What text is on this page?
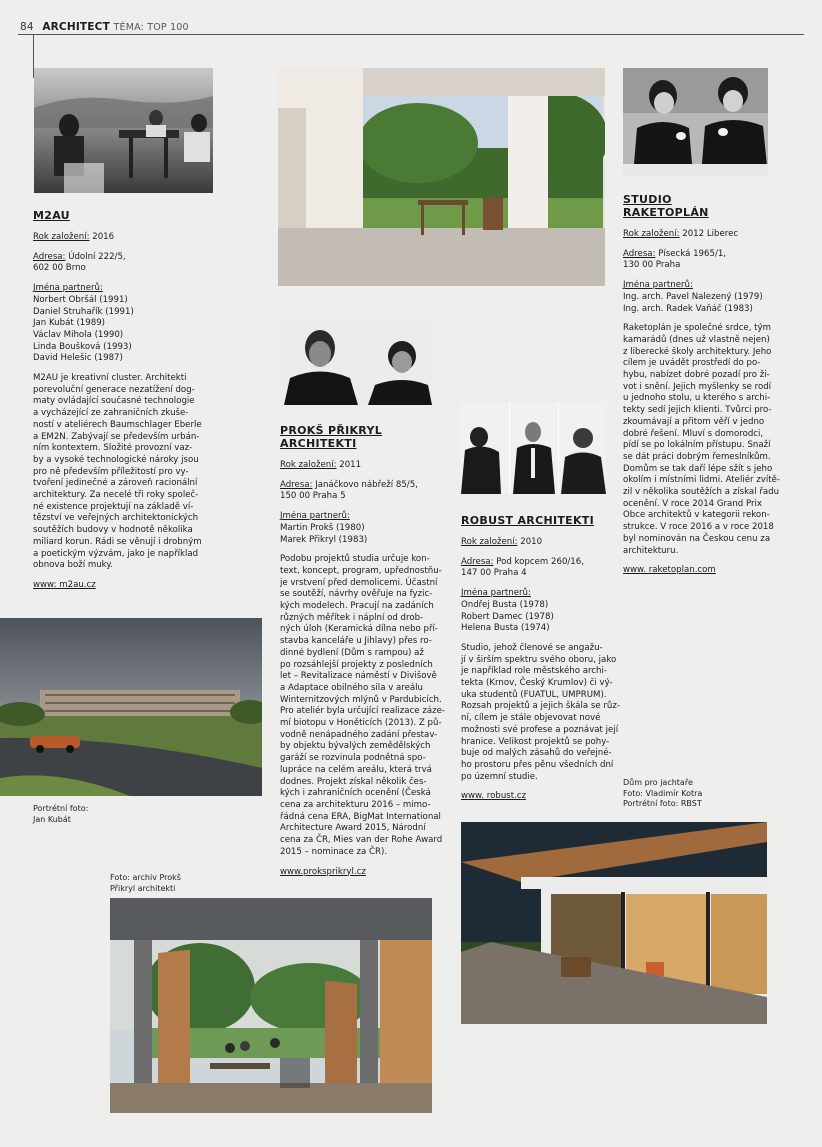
84 ARCHITECT TÉMA: TOP 100
M2AU
Rok založení: 2016
Adresa: Údolní 222/5,
602 00 Brno
Jména partnerů:
Norbert Obršál (1991)
Daniel Struhařík (1991)
Jan Kubát (1989)
Václav Mihola (1990)
Linda Boušková (1993)
David Helešic (1987)
M2AU je kreativní cluster. Architekti
porevoluční generace nezatížení dog-
maty ovládající současné technologie
a vycházející ze zahraničních zkuše-
ností v ateliérech Baumschlager Eberle
a EM2N. Zabývají se především urbán-
ním kontextem. Složité provozní vaz-
by a vysoké technologické nároky jsou
pro ně především příležitostí pro vy-
tvoření jedinečné a zároveň racionální
architektury. Za necelé tři roky společ-
né existence projektují na základě ví-
tězství ve veřejných architektonických
soutěžích budovy v hodnotě několika
miliard korun. Rádi se věnují i drobným
a poetickým výzvám, jako je například
obnova boží muky.
www: m2au.cz
Portrétní foto:
Jan Kubát
PROKŠ PŘIKRYL
ARCHITEKTI
Rok založení: 2011
Adresa: Janáčkovo nábřeží 85/5,
150 00 Praha 5
Jména partnerů:
Martin Prokš (1980)
Marek Přikryl (1983)
Podobu projektů studia určuje kon-
text, koncept, program, upřednostňu-
je vrstvení před demolicemi. Účastní
se soutěží, návrhy ověřuje na fyzic-
kých modelech. Pracují na zadáních
různých měřítek i náplní od drob-
ných úloh (Keramická dílna nebo pří-
stavba kanceláře u Jihlavy) přes ro-
dinné bydlení (Dům s rampou) až
po rozsáhlejší projekty z posledních
let – Revitalizace náměstí v Divišově
a Adaptace obilného sila v areálu
Winternitzových mlýnů v Pardubicích.
Pro ateliér byla určující realizace záze-
mí biotopu v Honěticích (2013). Z pů-
vodně nenápadného zadání přestav-
by objektu bývalých zemědělských
garáží se rozvinula podnětná spo-
lupráce na celém areálu, která trvá
dodnes. Projekt získal několik čes-
kých i zahraničních ocenění (Česká
cena za architekturu 2016 – mimo-
řádná cena ERA, BigMat International
Architecture Award 2015, Národní
cena za ČR, Mies van der Rohe Award
2015 – nominace za ČR).
www.proksprikryl.cz
Foto: archiv Prokš
Přikryl architekti
ROBUST ARCHITEKTI
Rok založení: 2010
Adresa: Pod kopcem 260/16,
147 00 Praha 4
Jména partnerů:
Ondřej Busta (1978)
Robert Damec (1978)
Helena Busta (1974)
Studio, jehož členové se angažu-
jí v širším spektru svého oboru, jako
je například role městského archi-
tekta (Krnov, Český Krumlov) či vý-
uka studentů (FUATUL, UMPRUM).
Rozsah projektů a jejich škála se růz-
ní, cílem je stále objevovat nové
možnosti své profese a poznávat její
hranice. Velikost projektů se pohy-
buje od malých zásahů do veřejné-
ho prostoru přes pěnu všedních dní
po územní studie.
www. robust.cz
STUDIO
RAKETOPLÁN
Rok založení: 2012 Liberec
Adresa: Písecká 1965/1,
130 00 Praha
Jména partnerů:
Ing. arch. Pavel Nalezený (1979)
Ing. arch. Radek Vaňáč (1983)
Raketoplán je společné srdce, tým
kamarádů (dnes už vlastně nejen)
z liberecké školy architektury. Jeho
cílem je uvádět prostředí do po-
hybu, nabízet dobré pozadí pro ži-
vot i snění. Jejich myšlenky se rodí
u jednoho stolu, u kterého s archi-
tekty sedí jejich klienti. Tvůrci pro-
zkoumávají a přitom věří v jedno
dobré řešení. Mluví s domorodci,
pídí se po lokálním přístupu. Snaží
se dát práci dobrým řemeslníkům.
Domům se tak daří lépe sžít s jeho
okolím i místními lidmi. Ateliér zvítě-
zil v několika soutěžích a získal řadu
ocenění. V roce 2014 Grand Prix
Obce architektů v kategorii rekon-
strukce. V roce 2016 a v roce 2018
byl nominován na Českou cenu za
architekturu.
www. raketoplan.com
Dům pro jachtaře
Foto: Vladimír Kotra
Portrétní foto: RBST
